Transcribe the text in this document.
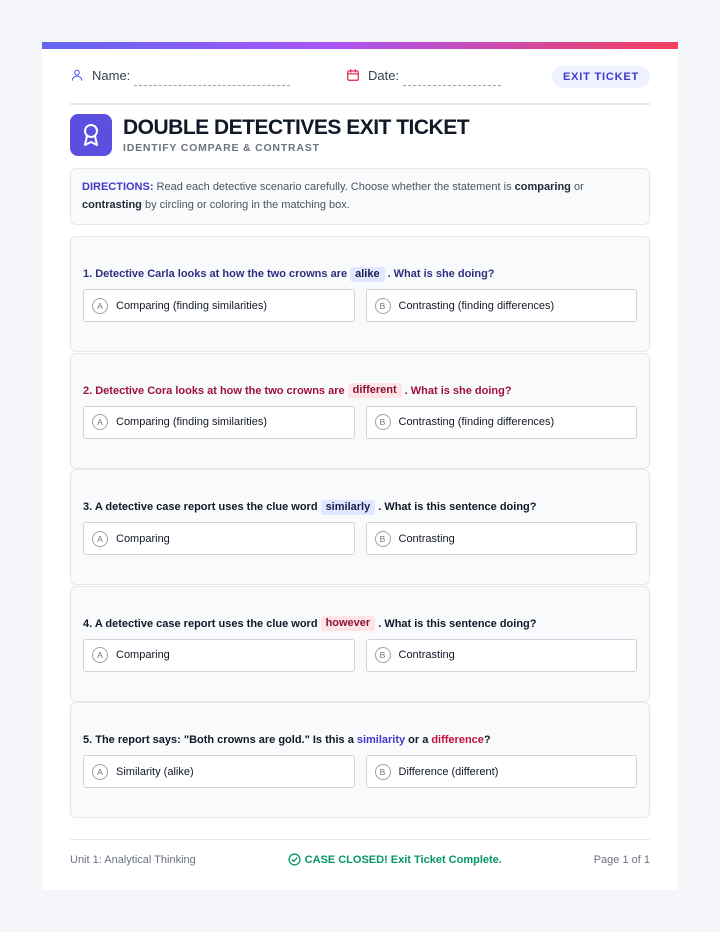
Name:	Date:	EXIT TICKET
DOUBLE DETECTIVES EXIT TICKET
IDENTIFY COMPARE & CONTRAST
DIRECTIONS: Read each detective scenario carefully. Choose whether the statement is comparing or contrasting by circling or coloring in the matching box.
1. Detective Carla looks at how the two crowns are alike . What is she doing?
A	Comparing (finding similarities)	B	Contrasting (finding differences)
2. Detective Cora looks at how the two crowns are different . What is she doing?
A	Comparing (finding similarities)	B	Contrasting (finding differences)
3. A detective case report uses the clue word similarly . What is this sentence doing?
A	Comparing	B	Contrasting
4. A detective case report uses the clue word however . What is this sentence doing?
A	Comparing	B	Contrasting
5. The report says: "Both crowns are gold." Is this a similarity or a difference ?
A	Similarity (alike)	B	Difference (different)
Unit 1: Analytical Thinking	CASE CLOSED! Exit Ticket Complete.	Page 1 of 1
